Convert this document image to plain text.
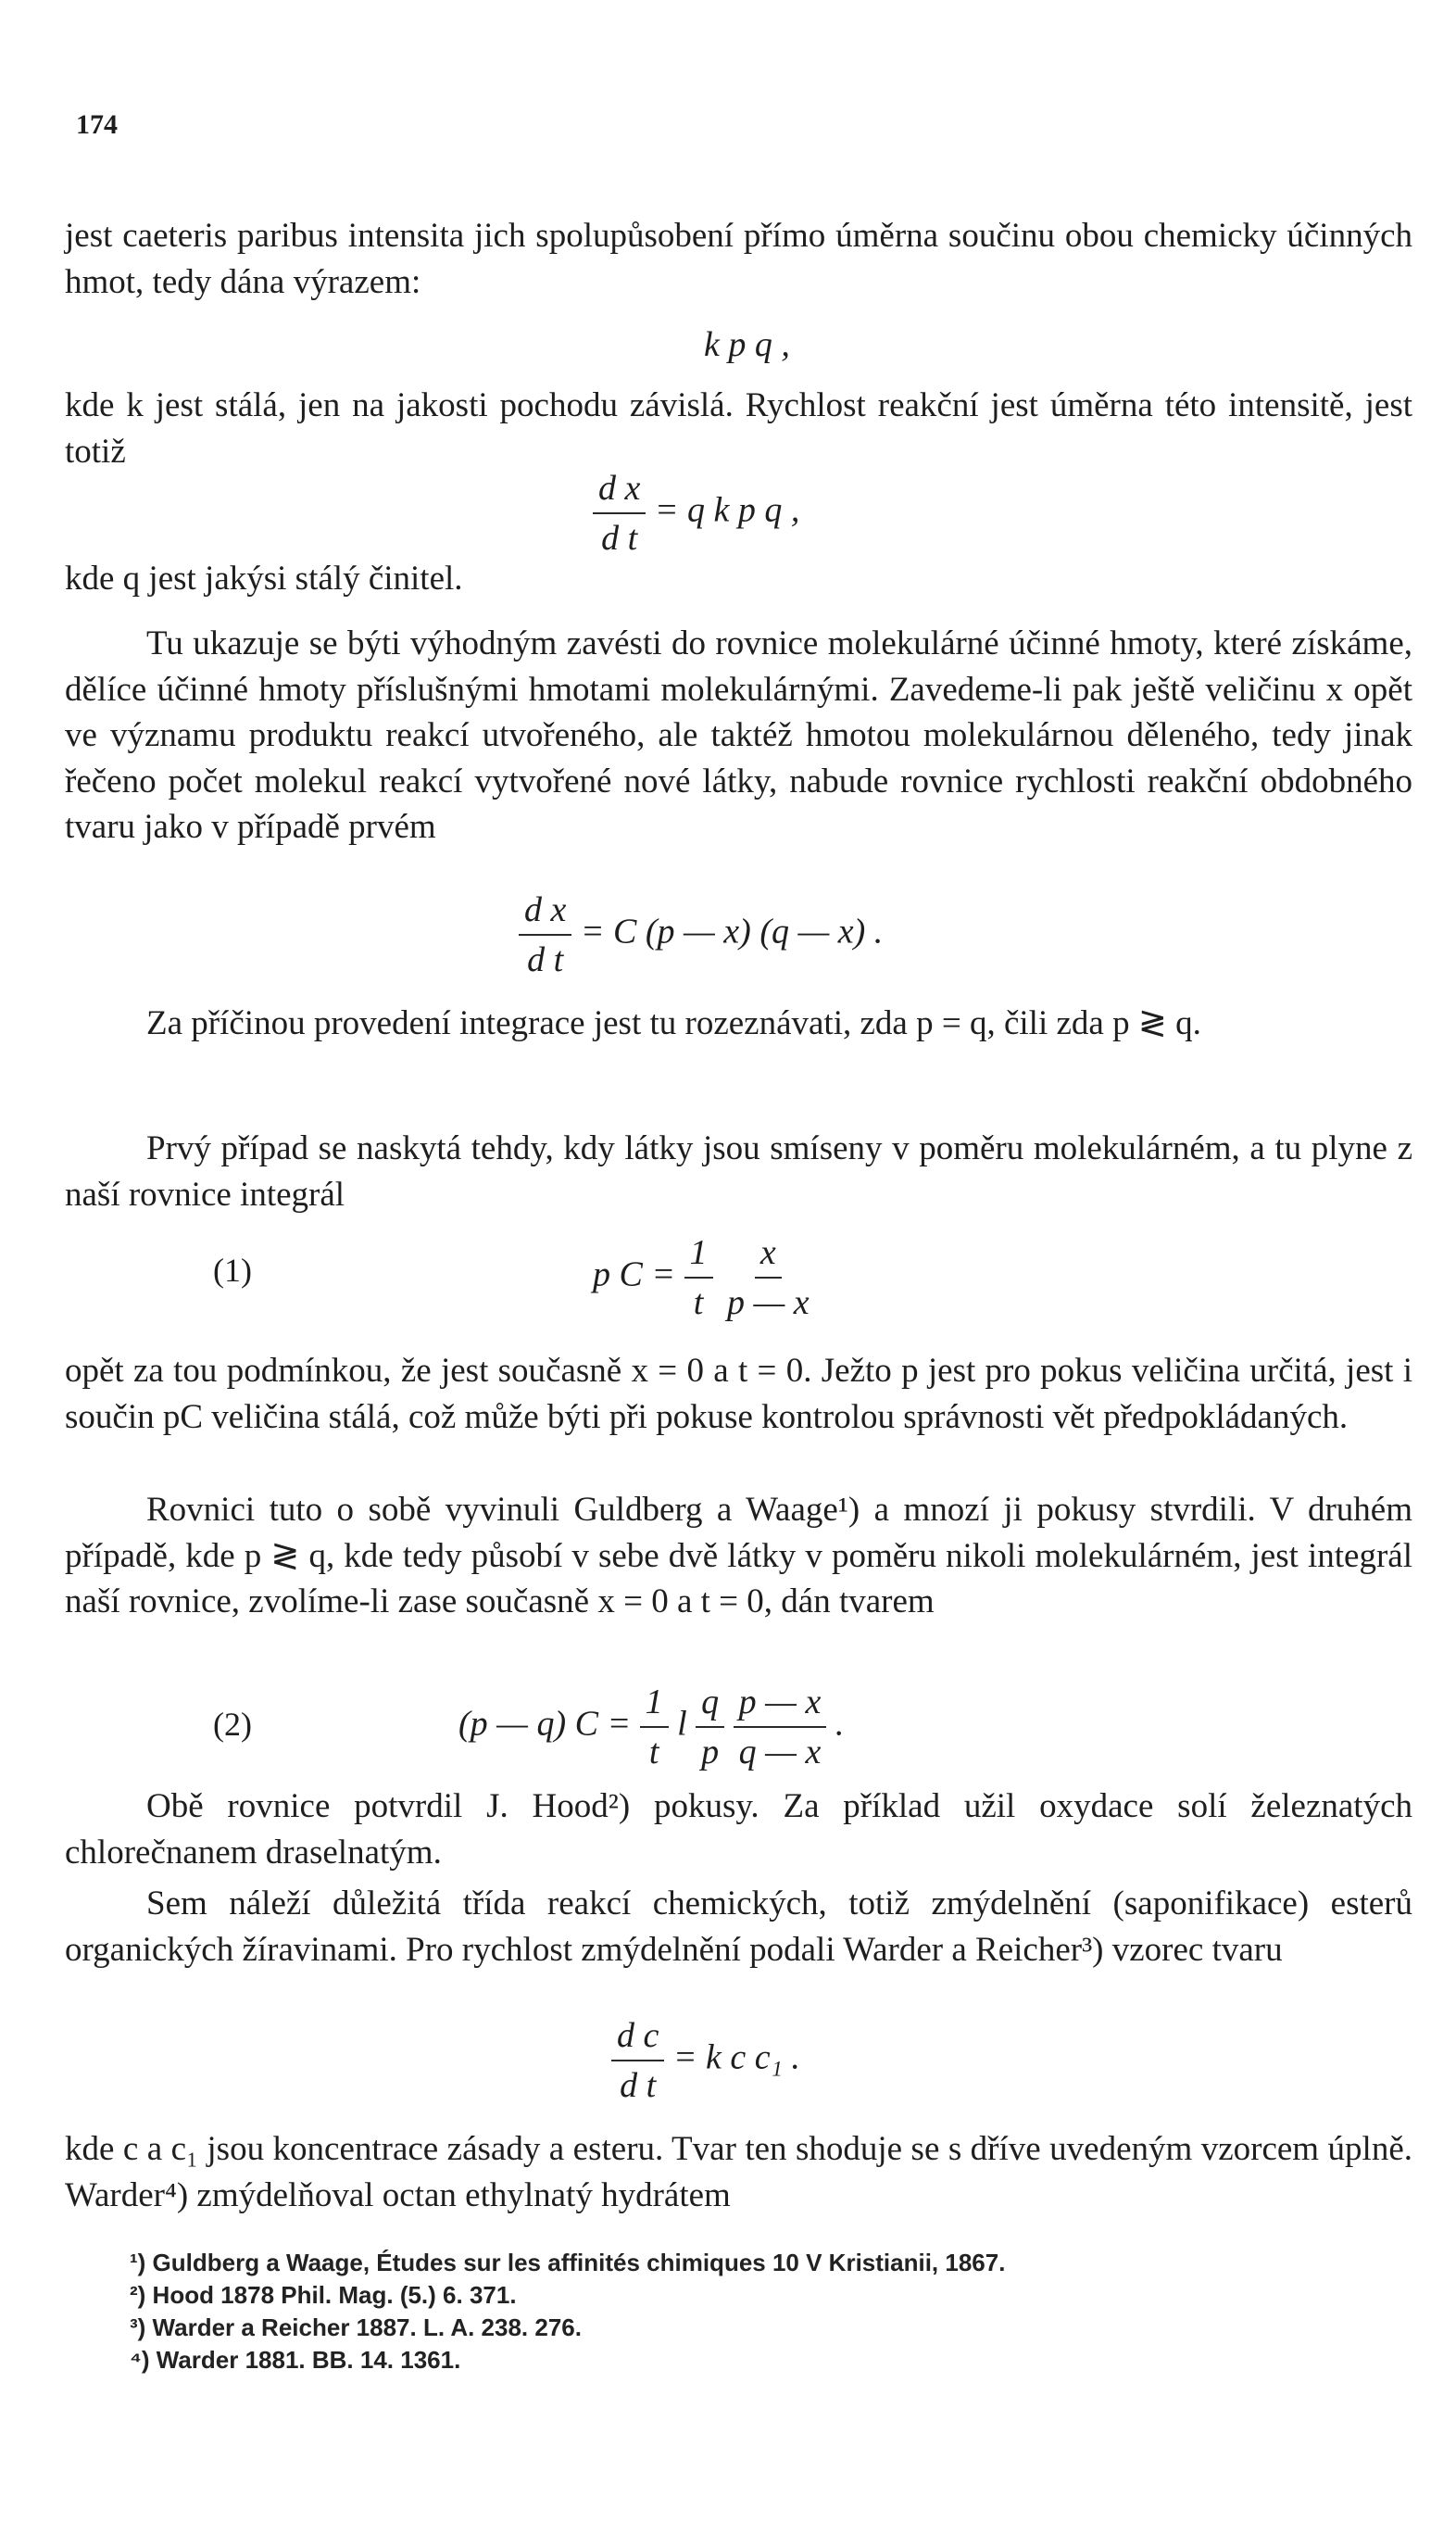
174

jest caeteris paribus intensita jich spolupůsobení přímo úměrna součinu obou chemicky účinných hmot, tedy dána výrazem:

k p q ,

kde k jest stálá, jen na jakosti pochodu závislá. Rychlost reakční jest úměrna této intensitě, jest totiž

$\frac{\text{d x}}{\text{d t}} = q$ k p q ,

kde q jest jakýsi stálý činitel.

Tu ukazuje se býti výhodným zavésti do rovnice molekulárné účinné hmoty, které získáme, dělíce účinné hmoty příslušnými hmotami molekulárnými. Zavedeme-li pak ještě veličinu x opět ve významu produktu reakcí utvořeného, ale taktéž hmotou molekulárnou děleného, tedy jinak řečeno počet molekul reakcí vytvořené nové látky, nabude rovnice rychlosti reakční obdobného tvaru jako v případě prvém

$\frac{\text{d x}}{\text{d t}} = C$ (p — x) (q — x) .

Za příčinou provedení integrace jest tu rozeznávati, zda p = q, čili zda p ≷ q.

Prvý případ se naskytá tehdy, kdy látky jsou smíseny v poměru molekulárném, a tu plyne z naší rovnice integrál

(1)	p $C = \frac{1}{t}$
$\frac{x}{p — x}$

opět za tou podmínkou, že jest současně x = 0 a t = 0. Ježto p jest pro pokus veličina určitá, jest i součin pC veličina stálá, což může býti při pokuse kontrolou správnosti vět předpokládaných.

Rovnici tuto o sobě vyvinuli Guldberg a Waage¹) a mnozí ji pokusy stvrdili. V druhém případě, kde p ≷ q, kde tedy působí v sebe dvě látky v poměru nikoli molekulárném, jest integrál naší rovnice, zvolíme-li zase současně x = 0 a t = 0, dán tvarem

(2)	(p — q) $C = \frac{1}{t}$ l $\frac{q}{p}$
$\frac{p — x}{q — x}$ .

Obě rovnice potvrdil J. Hood²) pokusy. Za příklad užil oxydace solí železnatých chlorečnanem draselnatým.

Sem náleží důležitá třída reakcí chemických, totiž zmýdelnění (saponifikace) esterů organických žíravinami. Pro rychlost zmýdelnění podali Warder a Reicher³) vzorec tvaru

$\frac{\text{d c}}{\text{d t}} = k$ c c₁ .

kde c a c₁ jsou koncentrace zásady a esteru. Tvar ten shoduje se s dříve uvedeným vzorcem úplně. Warder⁴) zmýdelňoval octan ethylnatý hydrátem

¹) Guldberg a Waage, Études sur les affinités chimiques 10 V Kristianii, 1867.
²) Hood 1878 Phil. Mag. (5.) 6. 371.
³) Warder a Reicher 1887. L. A. 238. 276.
⁴) Warder 1881. BB. 14. 1361.
